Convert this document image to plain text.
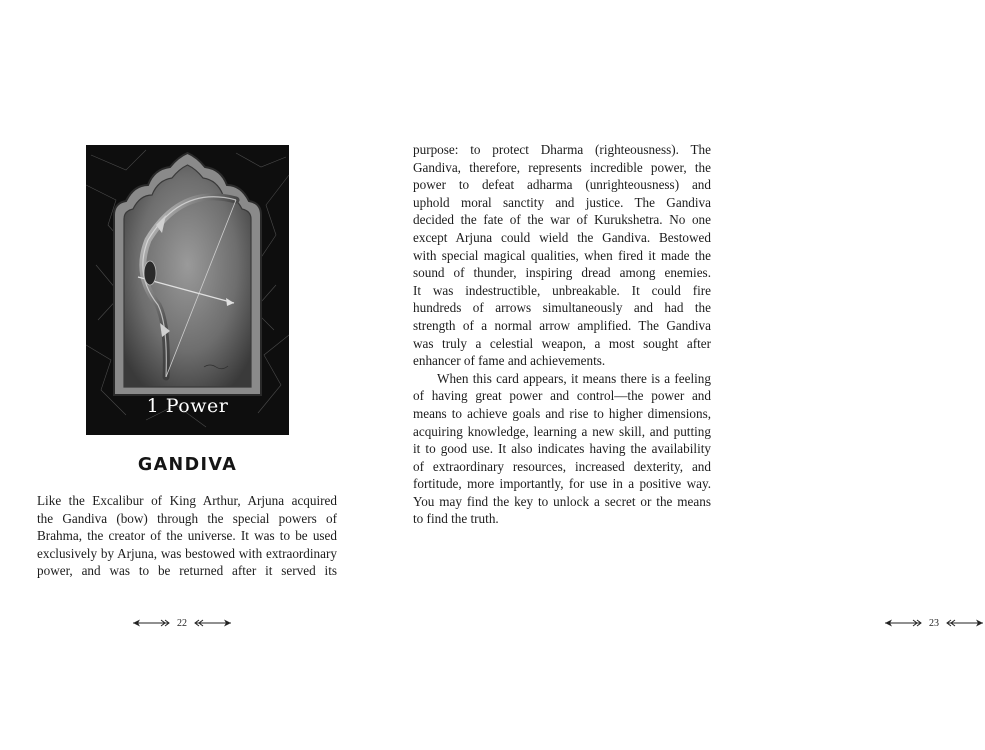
1 Power
GANDIVA
Like the Excalibur of King Arthur, Arjuna acquired
the Gandiva (bow) through the special powers of
Brahma, the creator of the universe. It was to be used
exclusively by Arjuna, was bestowed with extraordinary
power, and was to be returned after it served its
22
purpose: to protect Dharma (righteousness). The
Gandiva, therefore, represents incredible power, the
power to defeat adharma (unrighteousness) and
uphold moral sanctity and justice. The Gandiva
decided the fate of the war of Kurukshetra. No one
except Arjuna could wield the Gandiva. Bestowed
with special magical qualities, when fired it made the
sound of thunder, inspiring dread among enemies.
It was indestructible, unbreakable. It could fire
hundreds of arrows simultaneously and had the
strength of a normal arrow amplified. The Gandiva
was truly a celestial weapon, a most sought after
enhancer of fame and achievements.
When this card appears, it means there is a feeling
of having great power and control—the power and
means to achieve goals and rise to higher dimensions,
acquiring knowledge, learning a new skill, and putting
it to good use. It also indicates having the availability
of extraordinary resources, increased dexterity, and
fortitude, more importantly, for use in a positive way.
You may find the key to unlock a secret or the means
to find the truth.
23
